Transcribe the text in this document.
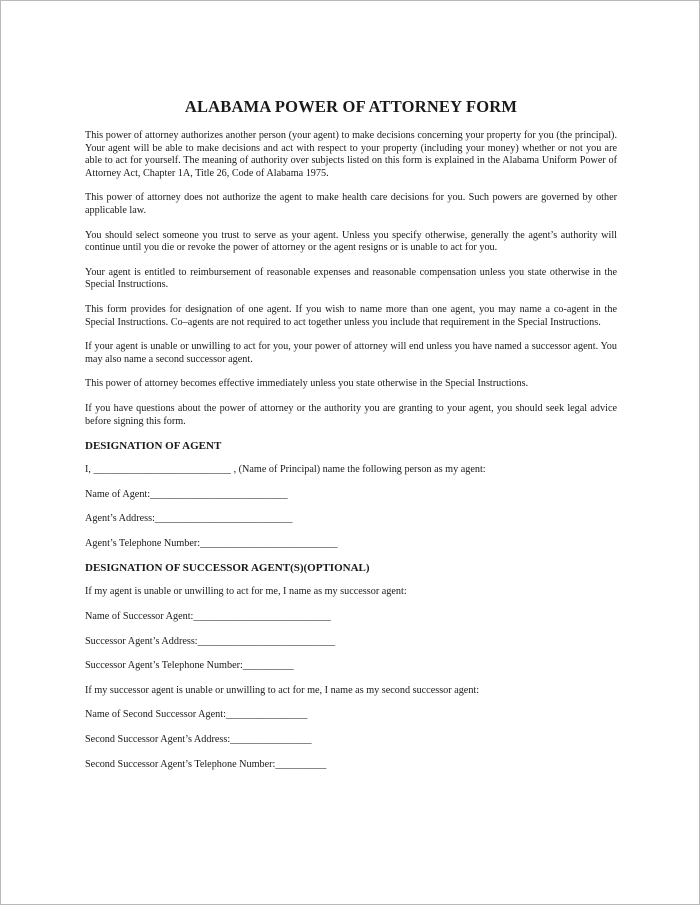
ALABAMA POWER OF ATTORNEY FORM

This power of attorney authorizes another person (your agent) to make decisions concerning your property for you (the principal). Your agent will be able to make decisions and act with respect to your property (including your money) whether or not you are able to act for yourself. The meaning of authority over subjects listed on this form is explained in the Alabama Uniform Power of Attorney Act, Chapter 1A, Title 26, Code of Alabama 1975.

This power of attorney does not authorize the agent to make health care decisions for you. Such powers are governed by other applicable law.

You should select someone you trust to serve as your agent. Unless you specify otherwise, generally the agent’s authority will continue until you die or revoke the power of attorney or the agent resigns or is unable to act for you.

Your agent is entitled to reimbursement of reasonable expenses and reasonable compensation unless you state otherwise in the Special Instructions.

This form provides for designation of one agent. If you wish to name more than one agent, you may name a co-agent in the Special Instructions. Co–agents are not required to act together unless you include that requirement in the Special Instructions.

If your agent is unable or unwilling to act for you, your power of attorney will end unless you have named a successor agent. You may also name a second successor agent.

This power of attorney becomes effective immediately unless you state otherwise in the Special Instructions.

If you have questions about the power of attorney or the authority you are granting to your agent, you should seek legal advice before signing this form.

DESIGNATION OF AGENT
I, ___________________________ , (Name of Principal) name the following person as my agent:
Name of Agent:___________________________
Agent’s Address:___________________________
Agent’s Telephone Number:___________________________
DESIGNATION OF SUCCESSOR AGENT(S)(OPTIONAL)
If my agent is unable or unwilling to act for me, I name as my successor agent:
Name of Successor Agent:___________________________
Successor Agent’s Address:___________________________
Successor Agent’s Telephone Number:__________
If my successor agent is unable or unwilling to act for me, I name as my second successor agent:
Name of Second Successor Agent:________________
Second Successor Agent’s Address:________________
Second Successor Agent’s Telephone Number:__________
